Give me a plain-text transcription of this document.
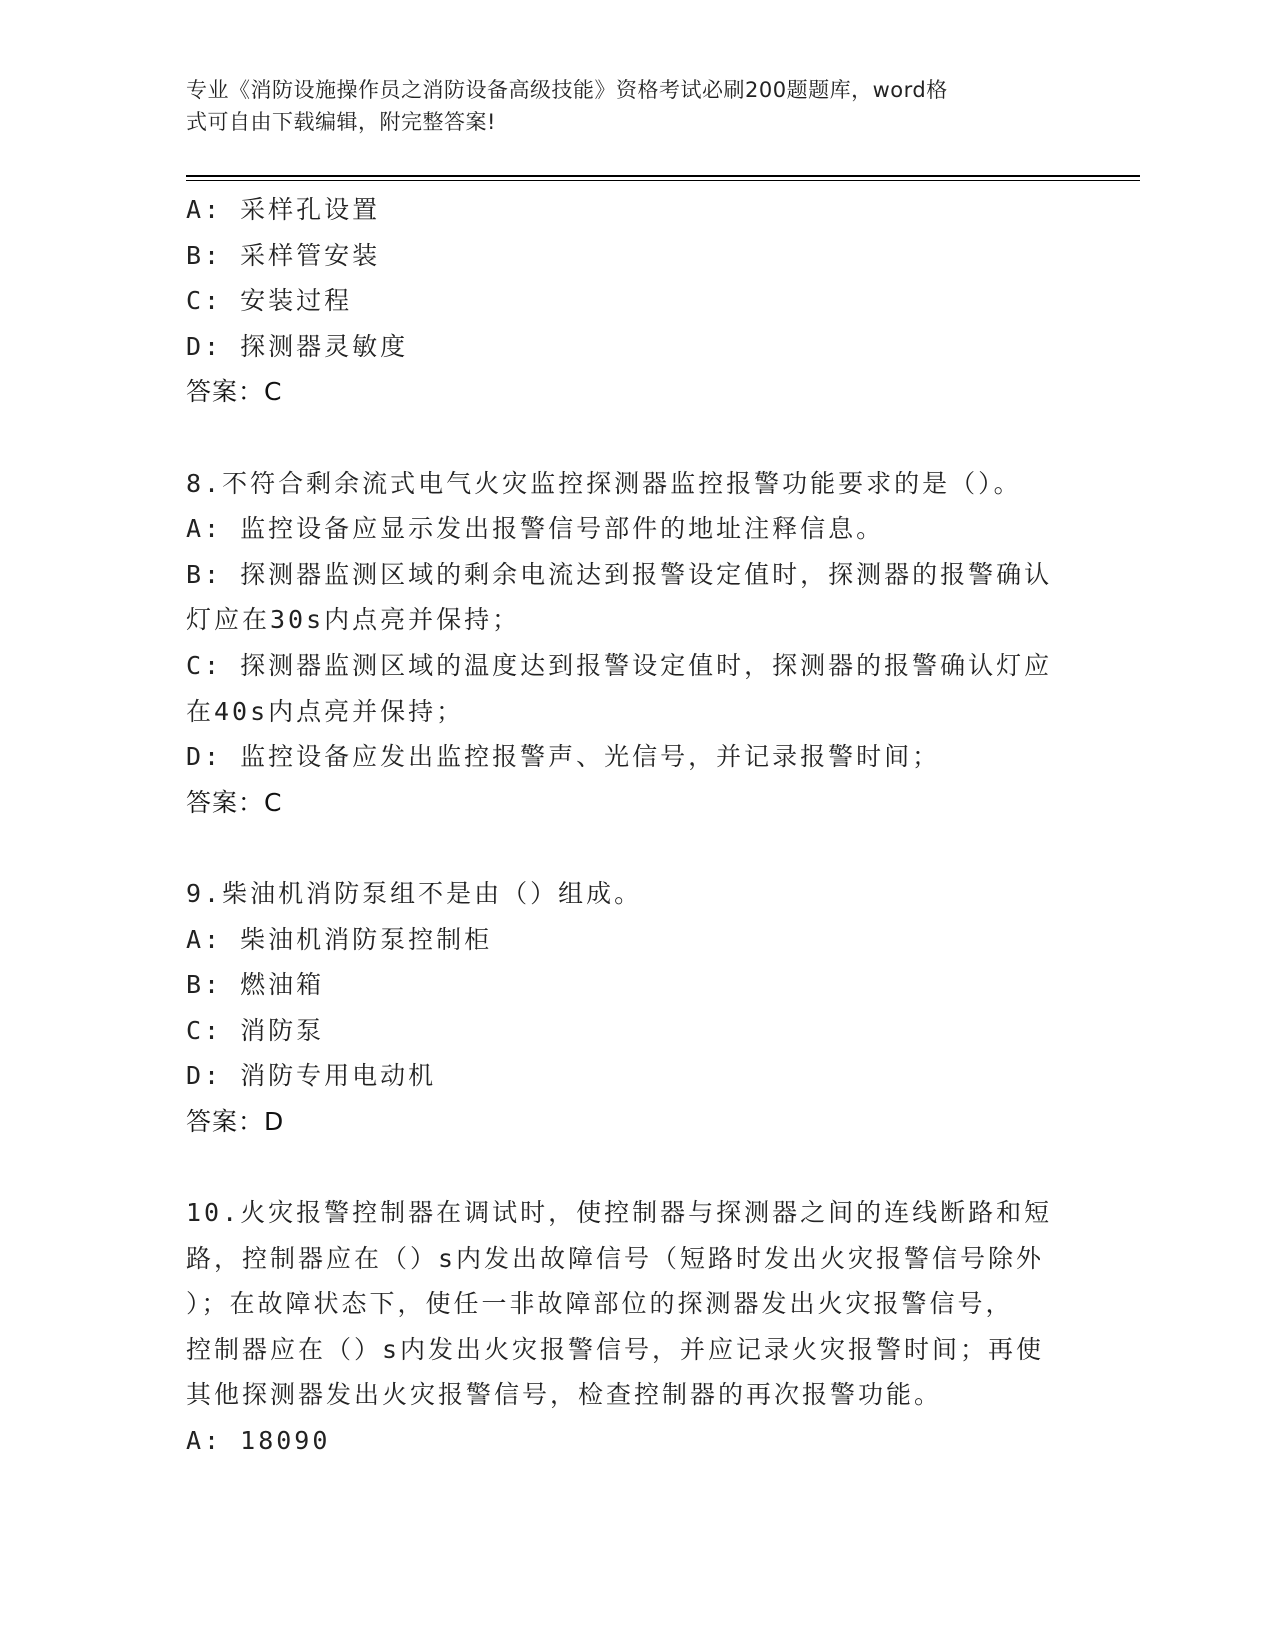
专业《消防设施操作员之消防设备高级技能》资格考试必刷200题题库，word格
式可自由下载编辑，附完整答案!
A: 采样孔设置
B: 采样管安装
C: 安装过程
D: 探测器灵敏度
答案：C
8.不符合剩余流式电气火灾监控探测器监控报警功能要求的是（）。
A: 监控设备应显示发出报警信号部件的地址注释信息。
B: 探测器监测区域的剩余电流达到报警设定值时，探测器的报警确认
灯应在30s内点亮并保持；
C: 探测器监测区域的温度达到报警设定值时，探测器的报警确认灯应
在40s内点亮并保持；
D: 监控设备应发出监控报警声、光信号，并记录报警时间；
答案：C
9.柴油机消防泵组不是由（）组成。
A: 柴油机消防泵控制柜
B: 燃油箱
C: 消防泵
D: 消防专用电动机
答案：D
10.火灾报警控制器在调试时，使控制器与探测器之间的连线断路和短
路，控制器应在（）s内发出故障信号（短路时发出火灾报警信号除外
）；在故障状态下，使任一非故障部位的探测器发出火灾报警信号，
控制器应在（）s内发出火灾报警信号，并应记录火灾报警时间；再使
其他探测器发出火灾报警信号，检查控制器的再次报警功能。
A: 18090
